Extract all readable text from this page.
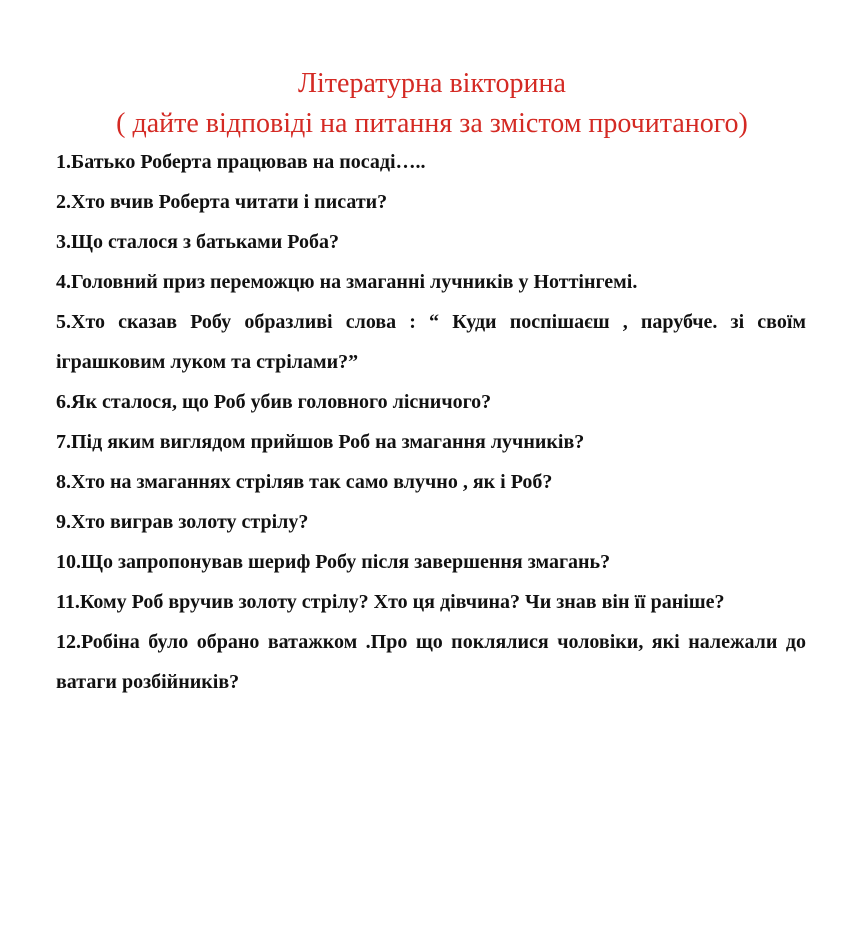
Літературна вікторина
( дайте відповіді на питання за змістом прочитаного)
1.Батько Роберта працював на посаді…..
2.Хто вчив Роберта читати і писати?
3.Що сталося з батьками Роба?
4.Головний приз переможцю на змаганні лучників у Ноттінгемі.
5.Хто сказав Робу образливі слова : “ Куди поспішаєш , парубче. зі своїм іграшковим луком та стрілами?”
6.Як сталося, що Роб убив головного лісничого?
7.Під яким виглядом прийшов Роб на змагання лучників?
8.Хто на змаганнях стріляв так само влучно , як і Роб?
9.Хто виграв золоту стрілу?
10.Що запропонував шериф Робу після завершення змагань?
11.Кому Роб вручив золоту стрілу? Хто ця дівчина? Чи знав він її раніше?
12.Робіна було обрано ватажком .Про що поклялися чоловіки, які належали до ватаги розбійників?
